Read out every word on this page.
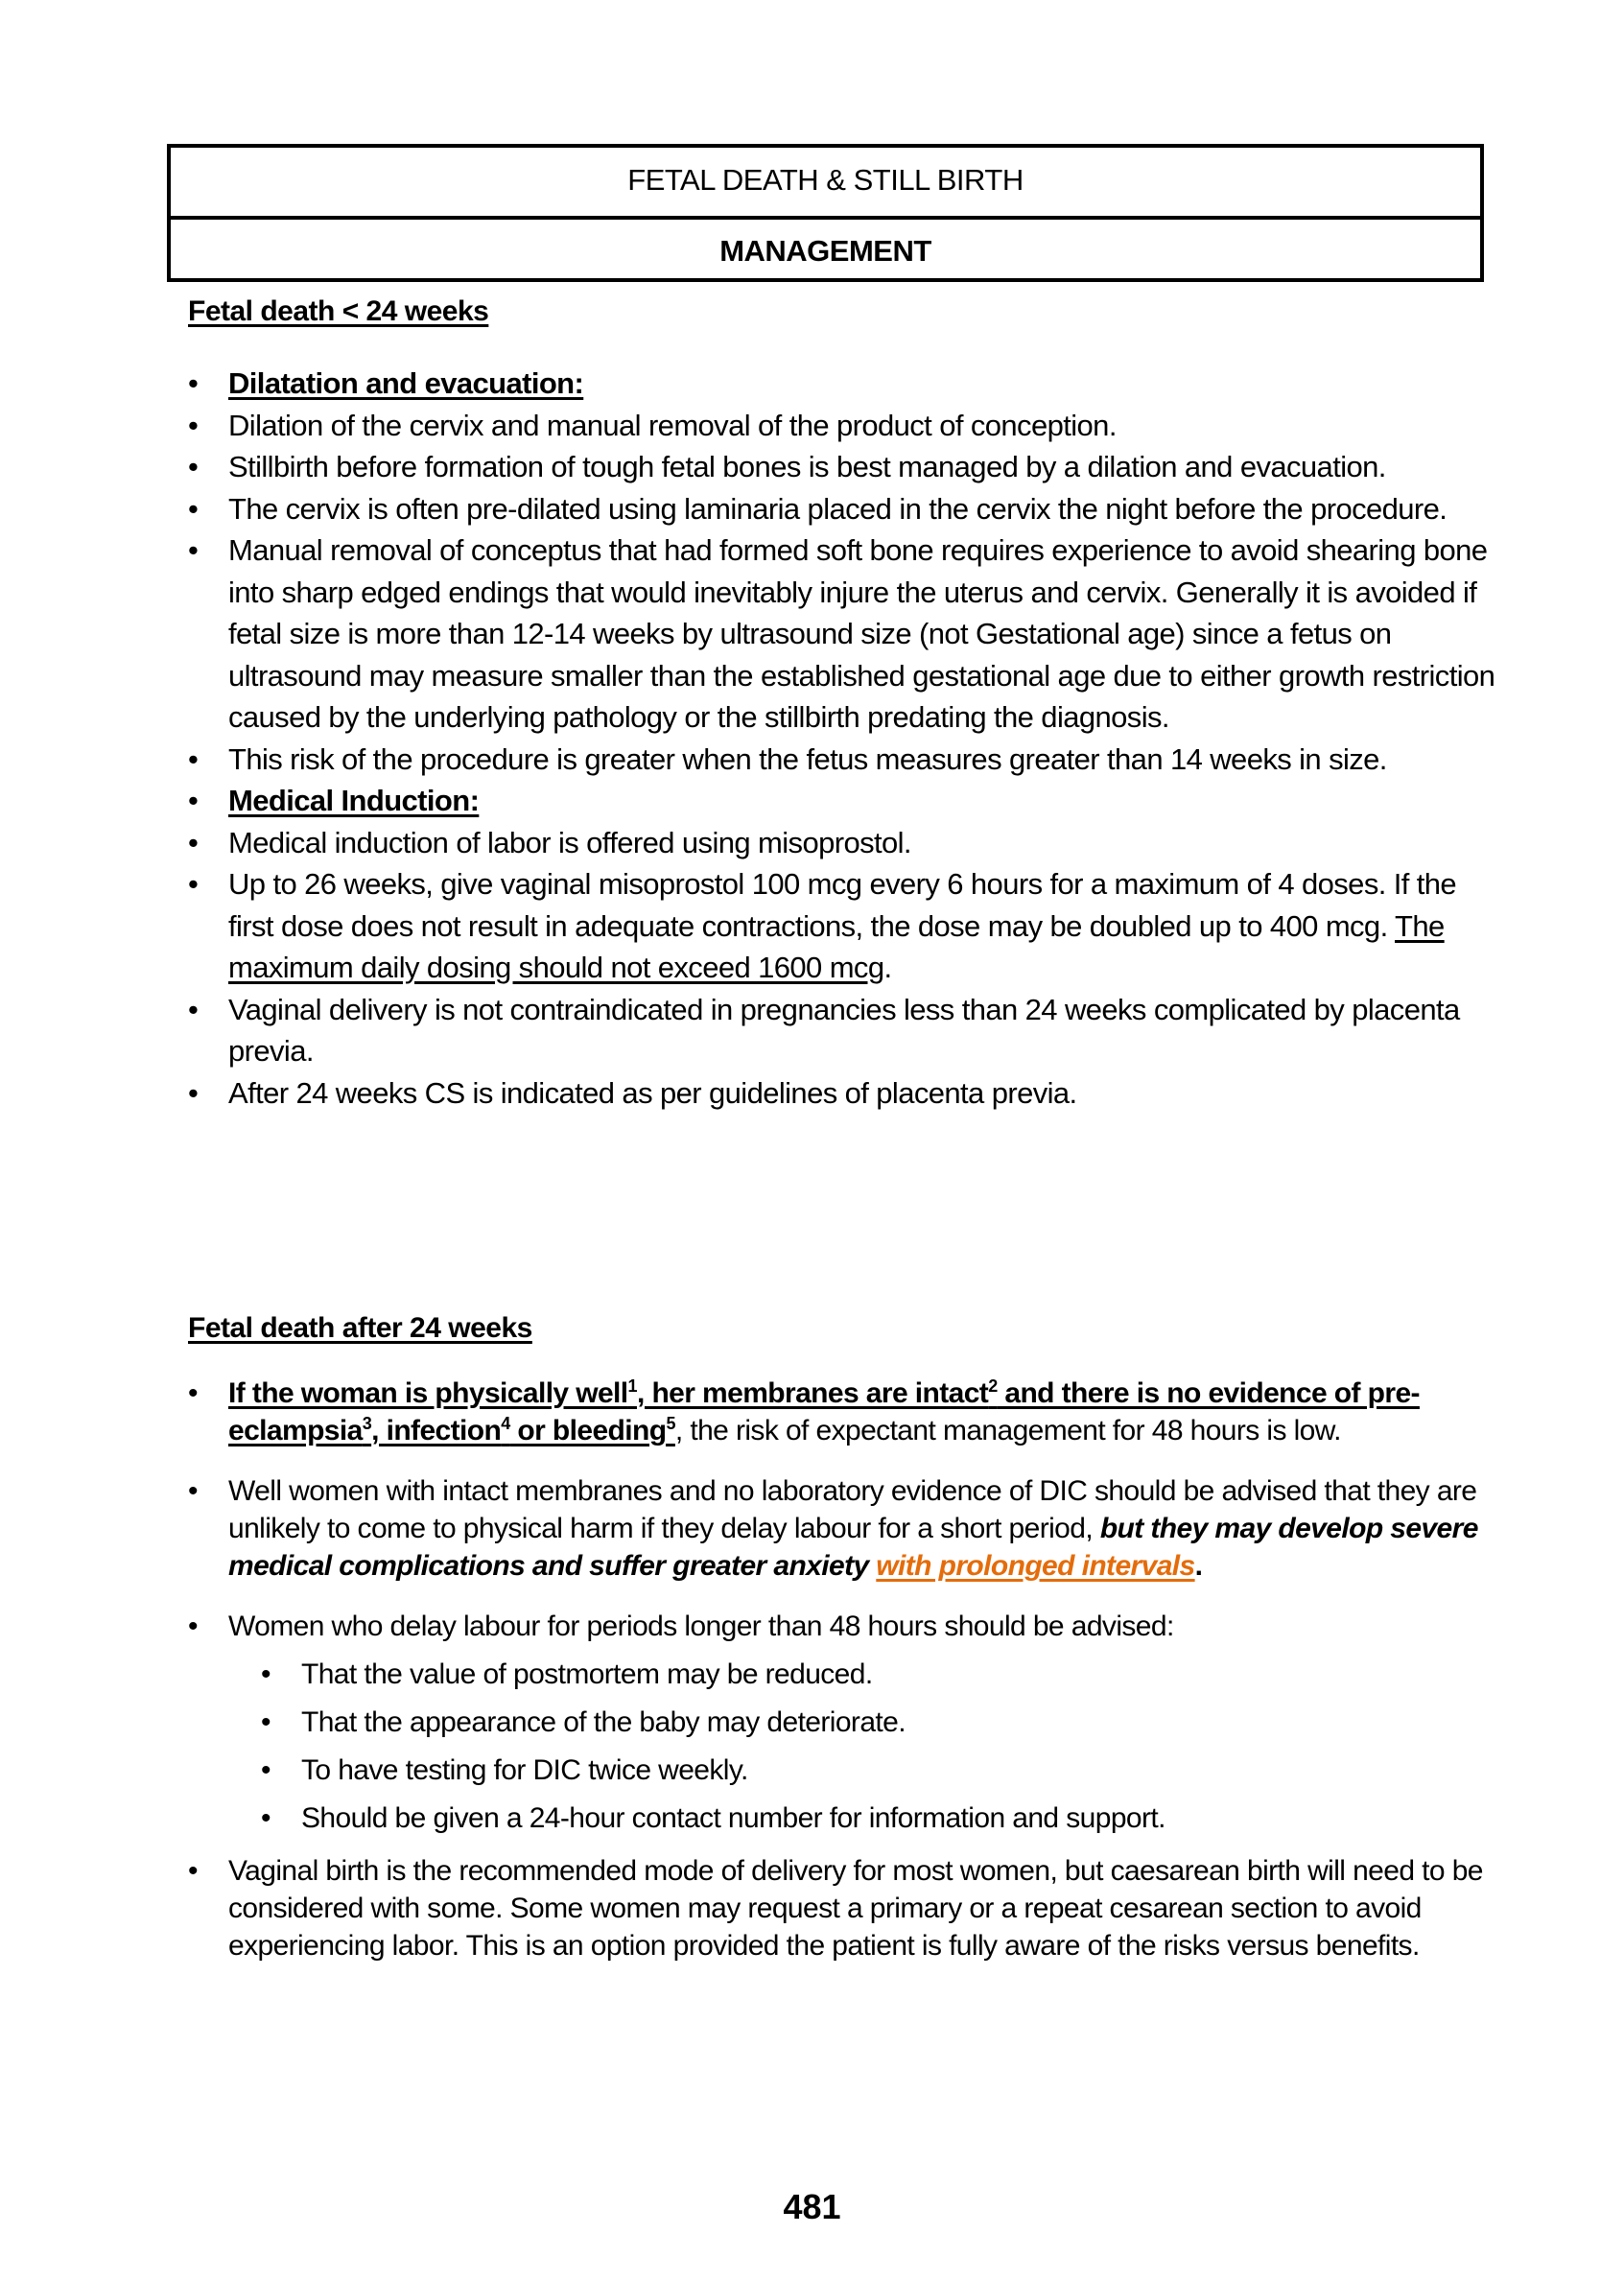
FETAL DEATH & STILL BIRTH
MANAGEMENT
Fetal death < 24 weeks
• Dilatation and evacuation:
• Dilation of the cervix and manual removal of the product of conception.
• Stillbirth before formation of tough fetal bones is best managed by a dilation and evacuation.
• The cervix is often pre-dilated using laminaria placed in the cervix the night before the procedure.
• Manual removal of conceptus that had formed soft bone requires experience to avoid shearing bone into sharp edged endings that would inevitably injure the uterus and cervix. Generally it is avoided if fetal size is more than 12-14 weeks by ultrasound size (not Gestational age) since a fetus on ultrasound may measure smaller than the established gestational age due to either growth restriction caused by the underlying pathology or the stillbirth predating the diagnosis.
• This risk of the procedure is greater when the fetus measures greater than 14 weeks in size.
• Medical Induction:
• Medical induction of labor is offered using misoprostol.
• Up to 26 weeks, give vaginal misoprostol 100 mcg every 6 hours for a maximum of 4 doses. If the first dose does not result in adequate contractions, the dose may be doubled up to 400 mcg. The maximum daily dosing should not exceed 1600 mcg.
• Vaginal delivery is not contraindicated in pregnancies less than 24 weeks complicated by placenta previa.
• After 24 weeks CS is indicated as per guidelines of placenta previa.
Fetal death after 24 weeks
• If the woman is physically well$^1$, her membranes are intact$^2$ and there is no evidence of pre-eclampsia$^3$, infection$^4$ or bleeding$^5$, the risk of expectant management for 48 hours is low.
• Well women with intact membranes and no laboratory evidence of DIC should be advised that they are unlikely to come to physical harm if they delay labour for a short period, but they may develop severe medical complications and suffer greater anxiety with prolonged intervals.
• Women who delay labour for periods longer than 48 hours should be advised:
• That the value of postmortem may be reduced.
• That the appearance of the baby may deteriorate.
• To have testing for DIC twice weekly.
• Should be given a 24-hour contact number for information and support.
• Vaginal birth is the recommended mode of delivery for most women, but caesarean birth will need to be considered with some. Some women may request a primary or a repeat cesarean section to avoid experiencing labor. This is an option provided the patient is fully aware of the risks versus benefits.
481
